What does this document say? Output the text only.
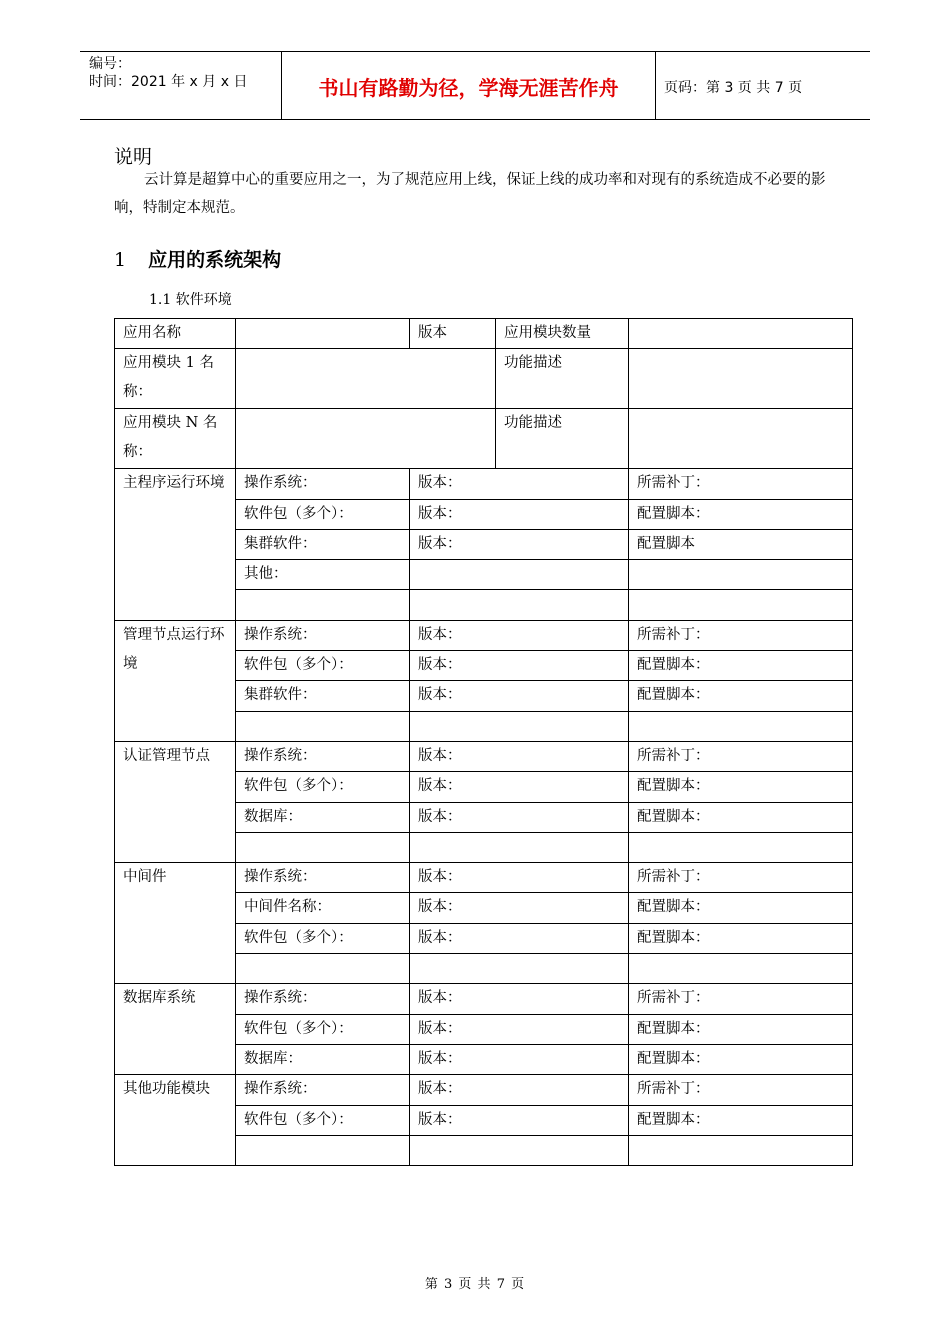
编号：
时间：2021 年 x 月 x 日	书山有路勤为径，学海无涯苦作舟	页码：第 3 页 共 7 页
说明
云计算是超算中心的重要应用之一，为了规范应用上线，保证上线的成功率和对现有的系统造成不必要的影响，特制定本规范。
1 应用的系统架构
1.1 软件环境
应用名称		版本	应用模块数量	
应用模块 1 名称：			功能描述	
应用模块 N 名称：			功能描述	
主程序运行环境	操作系统：	版本：		所需补丁：
	软件包（多个）：	版本：		配置脚本：
	集群软件：	版本：		配置脚本
	其他：			

管理节点运行环境	操作系统：	版本：		所需补丁：
	软件包（多个）：	版本：		配置脚本：
	集群软件：	版本：		配置脚本：

认证管理节点	操作系统：	版本：		所需补丁：
	软件包（多个）：	版本：		配置脚本：
	数据库：	版本：		配置脚本：

中间件	操作系统：	版本：		所需补丁：
	中间件名称：	版本：		配置脚本：
	软件包（多个）：	版本：		配置脚本：

数据库系统	操作系统：	版本：		所需补丁：
	软件包（多个）：	版本：		配置脚本：
	数据库：	版本：		配置脚本：
其他功能模块	操作系统：	版本：		所需补丁：
	软件包（多个）：	版本：		配置脚本：

第 3 页 共 7 页
